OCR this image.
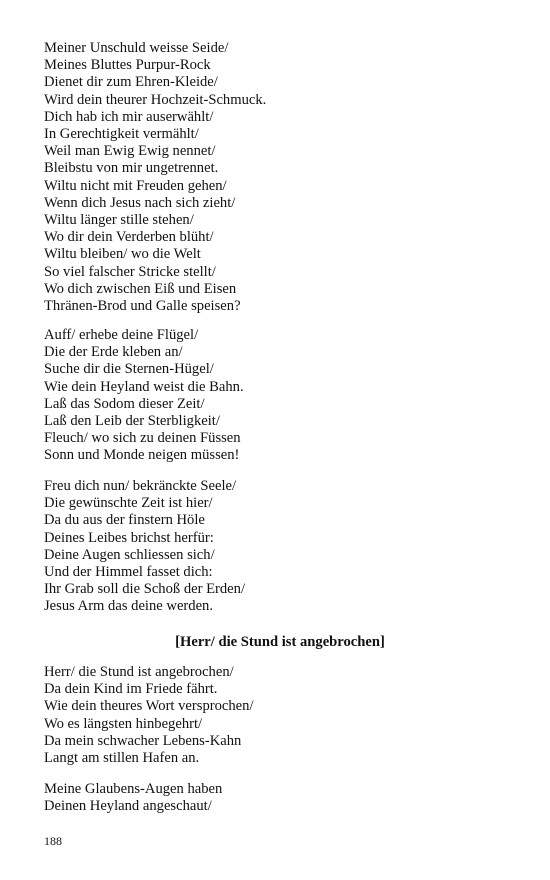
Meiner Unschuld weisse Seide/
Meines Bluttes Purpur-Rock
Dienet dir zum Ehren-Kleide/
Wird dein theurer Hochzeit-Schmuck.
Dich hab ich mir auserwählt/
In Gerechtigkeit vermählt/
Weil man Ewig Ewig nennet/
Bleibstu von mir ungetrennet.
Wiltu nicht mit Freuden gehen/
Wenn dich Jesus nach sich zieht/
Wiltu länger stille stehen/
Wo dir dein Verderben blüht/
Wiltu bleiben/ wo die Welt
So viel falscher Stricke stellt/
Wo dich zwischen Eiß und Eisen
Thränen-Brod und Galle speisen?
Auff/ erhebe deine Flügel/
Die der Erde kleben an/
Suche dir die Sternen-Hügel/
Wie dein Heyland weist die Bahn.
Laß das Sodom dieser Zeit/
Laß den Leib der Sterbligkeit/
Fleuch/ wo sich zu deinen Füssen
Sonn und Monde neigen müssen!
Freu dich nun/ bekränckte Seele/
Die gewünschte Zeit ist hier/
Da du aus der finstern Höle
Deines Leibes brichst herfür:
Deine Augen schliessen sich/
Und der Himmel fasset dich:
Ihr Grab soll die Schoß der Erden/
Jesus Arm das deine werden.
[Herr/ die Stund ist angebrochen]
Herr/ die Stund ist angebrochen/
Da dein Kind im Friede fährt.
Wie dein theures Wort versprochen/
Wo es längsten hinbegehrt/
Da mein schwacher Lebens-Kahn
Langt am stillen Hafen an.
Meine Glaubens-Augen haben
Deinen Heyland angeschaut/
188
